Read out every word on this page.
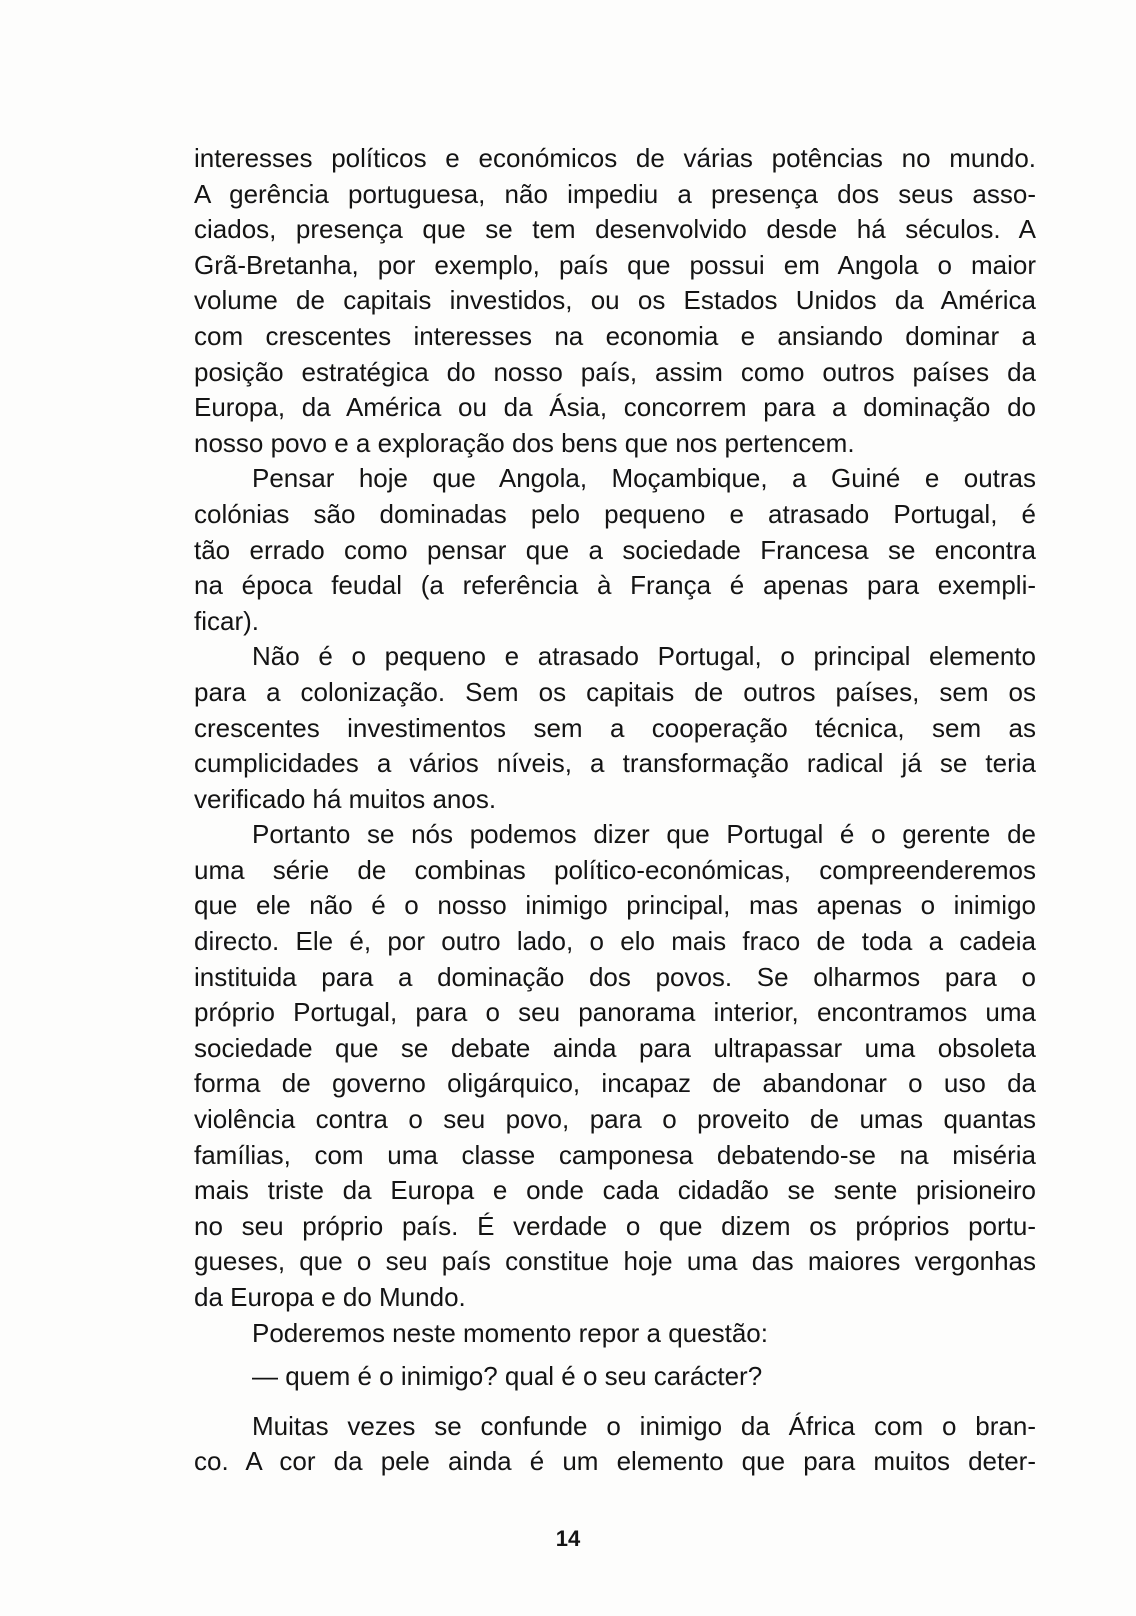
interesses políticos e económicos de várias potências no mundo.
A gerência portuguesa, não impediu a presença dos seus asso-
ciados, presença que se tem desenvolvido desde há séculos. A
Grã-Bretanha, por exemplo, país que possui em Angola o maior
volume de capitais investidos, ou os Estados Unidos da América
com crescentes interesses na economia e ansiando dominar a
posição estratégica do nosso país, assim como outros países da
Europa, da América ou da Ásia, concorrem para a dominação do
nosso povo e a exploração dos bens que nos pertencem.
Pensar hoje que Angola, Moçambique, a Guiné e outras
colónias são dominadas pelo pequeno e atrasado Portugal, é
tão errado como pensar que a sociedade Francesa se encontra
na época feudal (a referência à França é apenas para exempli-
ficar).
Não é o pequeno e atrasado Portugal, o principal elemento
para a colonização. Sem os capitais de outros países, sem os
crescentes investimentos sem a cooperação técnica, sem as
cumplicidades a vários níveis, a transformação radical já se teria
verificado há muitos anos.
Portanto se nós podemos dizer que Portugal é o gerente de
uma série de combinas político-económicas, compreenderemos
que ele não é o nosso inimigo principal, mas apenas o inimigo
directo. Ele é, por outro lado, o elo mais fraco de toda a cadeia
instituida para a dominação dos povos. Se olharmos para o
próprio Portugal, para o seu panorama interior, encontramos uma
sociedade que se debate ainda para ultrapassar uma obsoleta
forma de governo oligárquico, incapaz de abandonar o uso da
violência contra o seu povo, para o proveito de umas quantas
famílias, com uma classe camponesa debatendo-se na miséria
mais triste da Europa e onde cada cidadão se sente prisioneiro
no seu próprio país. É verdade o que dizem os próprios portu-
gueses, que o seu país constitue hoje uma das maiores vergonhas
da Europa e do Mundo.
Poderemos neste momento repor a questão:
— quem é o inimigo? qual é o seu carácter?
Muitas vezes se confunde o inimigo da África com o bran-
co. A cor da pele ainda é um elemento que para muitos deter-
14
